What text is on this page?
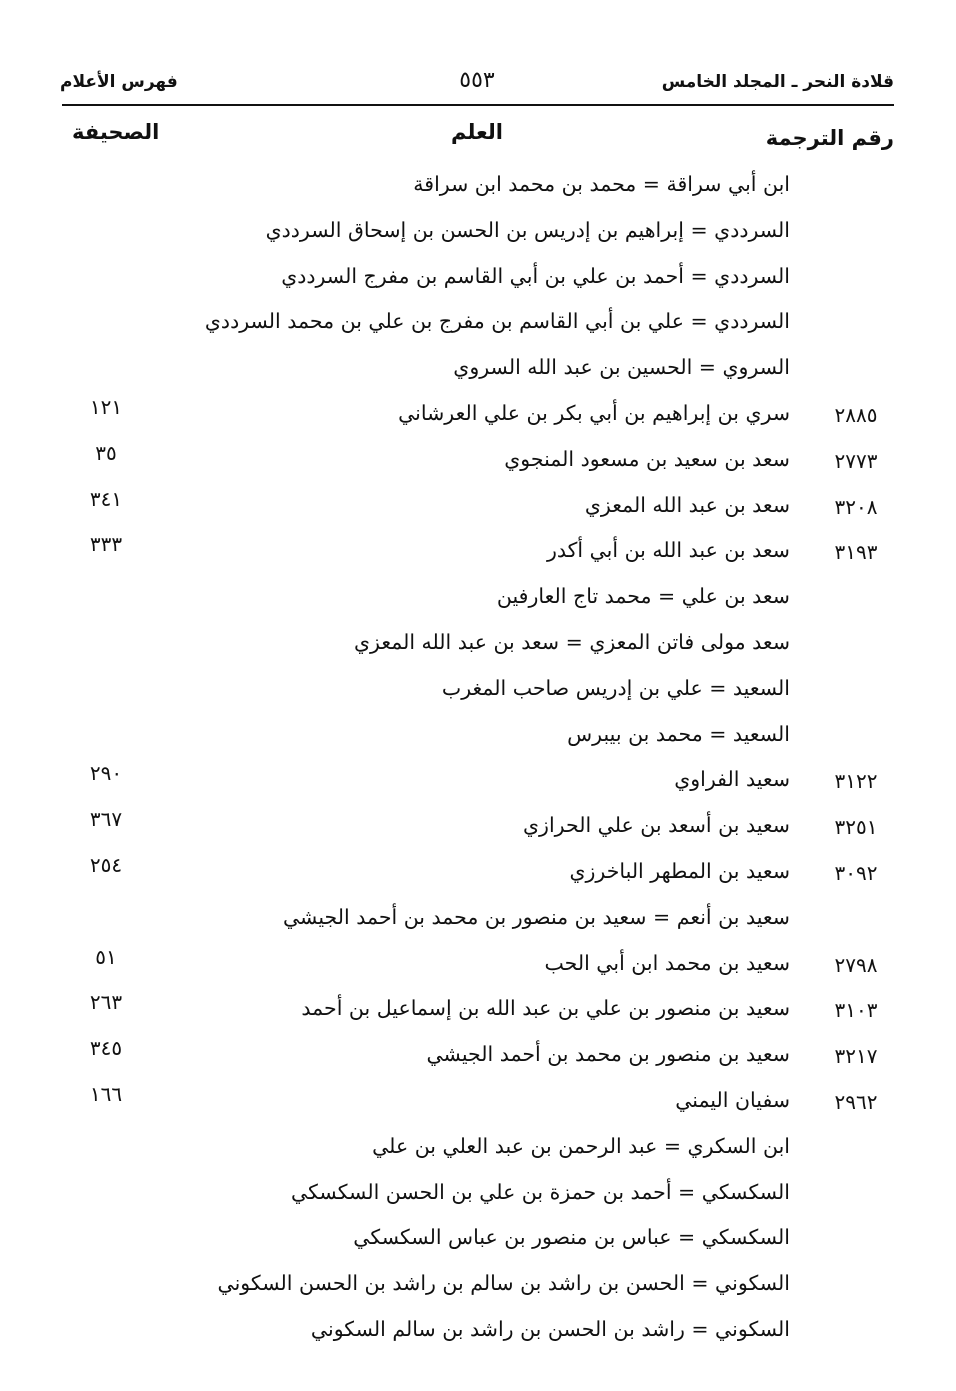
قلادة النحر ـ المجلد الخامس
٥٥٣
فهرس الأعلام
رقم الترجمة
العلم
الصحيفة
ابن أبي سراقة = محمد بن محمد ابن سراقة
السرددي = إبراهيم بن إدريس بن الحسن بن إسحاق السرددي
السرددي = أحمد بن علي بن أبي القاسم بن مفرج السرددي
السرددي = علي بن أبي القاسم بن مفرج بن علي بن محمد السرددي
السروي = الحسين بن عبد الله السروي
٢٨٨٥
سري بن إبراهيم بن أبي بكر بن علي العرشاني
١٢١
٢٧٧٣
سعد بن سعيد بن مسعود المنجوي
٣٥
٣٢٠٨
سعد بن عبد الله المعزي
٣٤١
٣١٩٣
سعد بن عبد الله بن أبي أكدر
٣٣٣
سعد بن علي = محمد تاج العارفين
سعد مولى فاتن المعزي = سعد بن عبد الله المعزي
السعيد = علي بن إدريس صاحب المغرب
السعيد = محمد بن بيبرس
٣١٢٢
سعيد الفراوي
٢٩٠
٣٢٥١
سعيد بن أسعد بن علي الحرازي
٣٦٧
٣٠٩٢
سعيد بن المطهر الباخرزي
٢٥٤
سعيد بن أنعم = سعيد بن منصور بن محمد بن أحمد الجيشي
٢٧٩٨
سعيد بن محمد ابن أبي الحب
٥١
٣١٠٣
سعيد بن منصور بن علي بن عبد الله بن إسماعيل بن أحمد
٢٦٣
٣٢١٧
سعيد بن منصور بن محمد بن أحمد الجيشي
٣٤٥
٢٩٦٢
سفيان اليمني
١٦٦
ابن السكري = عبد الرحمن بن عبد العلي بن علي
السكسكي = أحمد بن حمزة بن علي بن الحسن السكسكي
السكسكي = عباس بن منصور بن عباس السكسكي
السكوني = الحسن بن راشد بن سالم بن راشد بن الحسن السكوني
السكوني = راشد بن الحسن بن راشد بن سالم السكوني
